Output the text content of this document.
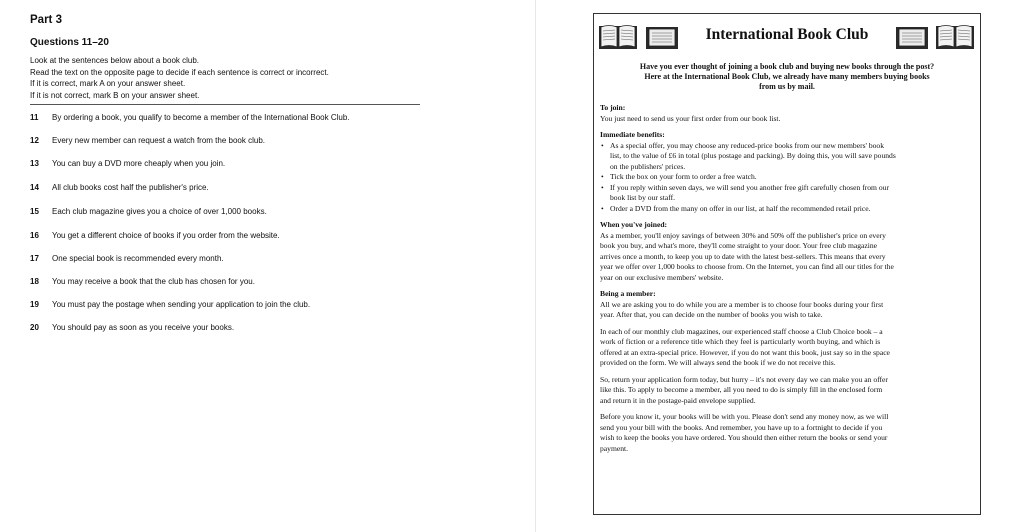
Part 3
Questions 11–20
Look at the sentences below about a book club.
Read the text on the opposite page to decide if each sentence is correct or incorrect.
If it is correct, mark A on your answer sheet.
If it is not correct, mark B on your answer sheet.
11 By ordering a book, you qualify to become a member of the International Book Club.
12 Every new member can request a watch from the book club.
13 You can buy a DVD more cheaply when you join.
14 All club books cost half the publisher's price.
15 Each club magazine gives you a choice of over 1,000 books.
16 You get a different choice of books if you order from the website.
17 One special book is recommended every month.
18 You may receive a book that the club has chosen for you.
19 You must pay the postage when sending your application to join the club.
20 You should pay as soon as you receive your books.
International Book Club
Have you ever thought of joining a book club and buying new books through the post?
Here at the International Book Club, we already have many members buying books
from us by mail.
To join:
You just need to send us your first order from our book list.
Immediate benefits:
• As a special offer, you may choose any reduced-price books from our new members' book
list, to the value of £6 in total (plus postage and packing). By doing this, you will save pounds
on the publishers' prices.
• Tick the box on your form to order a free watch.
• If you reply within seven days, we will send you another free gift carefully chosen from our
book list by our staff.
• Order a DVD from the many on offer in our list, at half the recommended retail price.
When you've joined:
As a member, you'll enjoy savings of between 30% and 50% off the publisher's price on every
book you buy, and what's more, they'll come straight to your door. Your free club magazine
arrives once a month, to keep you up to date with the latest best-sellers. This means that every
year we offer over 1,000 books to choose from. On the Internet, you can find all our titles for the
year on our exclusive members' website.
Being a member:
All we are asking you to do while you are a member is to choose four books during your first
year. After that, you can decide on the number of books you wish to take.
In each of our monthly club magazines, our experienced staff choose a Club Choice book – a
work of fiction or a reference title which they feel is particularly worth buying, and which is
offered at an extra-special price. However, if you do not want this book, just say so in the space
provided on the form. We will always send the book if we do not receive this.
So, return your application form today, but hurry – it's not every day we can make you an offer
like this. To apply to become a member, all you need to do is simply fill in the enclosed form
and return it in the postage-paid envelope supplied.
Before you know it, your books will be with you. Please don't send any money now, as we will
send you your bill with the books. And remember, you have up to a fortnight to decide if you
wish to keep the books you have ordered. You should then either return the books or send your
payment.
